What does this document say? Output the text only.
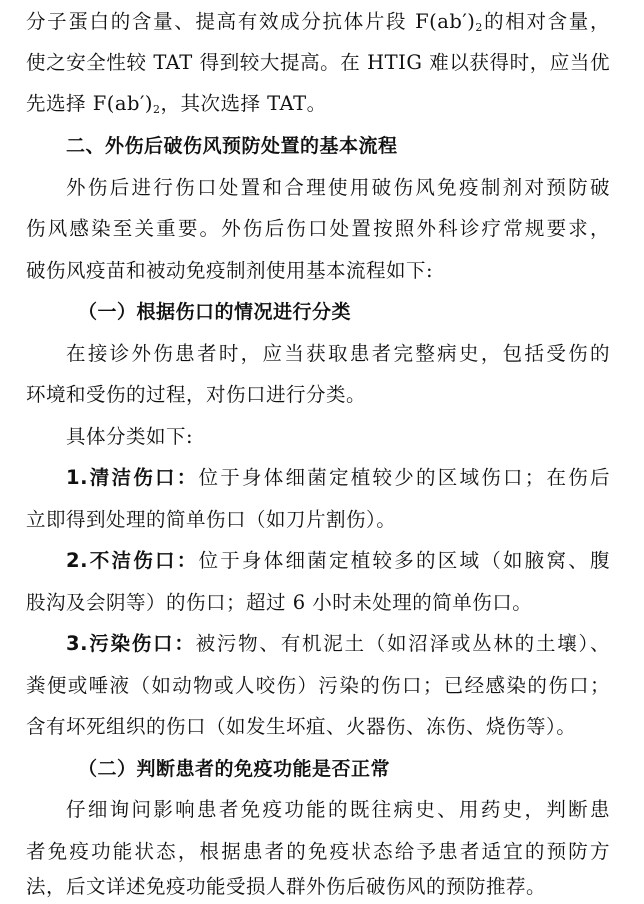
分子蛋白的含量、提高有效成分抗体片段 $F(ab')_2$的相对含量，
使之安全性较 TAT 得到较大提高。在 HTIG 难以获得时，应当优
先选择 $F(ab')_2$，其次选择 TAT。
二、外伤后破伤风预防处置的基本流程
外伤后进行伤口处置和合理使用破伤风免疫制剂对预防破
伤风感染至关重要。外伤后伤口处置按照外科诊疗常规要求，
破伤风疫苗和被动免疫制剂使用基本流程如下:
（一）根据伤口的情况进行分类
在接诊外伤患者时，应当获取患者完整病史，包括受伤的
环境和受伤的过程，对伤口进行分类。
具体分类如下:
1.清洁伤口：位于身体细菌定植较少的区域伤口；在伤后
立即得到处理的简单伤口（如刀片割伤）。
2.不洁伤口：位于身体细菌定植较多的区域（如腋窝、腹
股沟及会阴等）的伤口；超过 6 小时未处理的简单伤口。
3.污染伤口：被污物、有机泥土（如沼泽或丛林的土壤）、
粪便或唾液（如动物或人咬伤）污染的伤口；已经感染的伤口；
含有坏死组织的伤口（如发生坏疽、火器伤、冻伤、烧伤等）。
（二）判断患者的免疫功能是否正常
仔细询问影响患者免疫功能的既往病史、用药史，判断患
者免疫功能状态，根据患者的免疫状态给予患者适宜的预防方
法，后文详述免疫功能受损人群外伤后破伤风的预防推荐。
